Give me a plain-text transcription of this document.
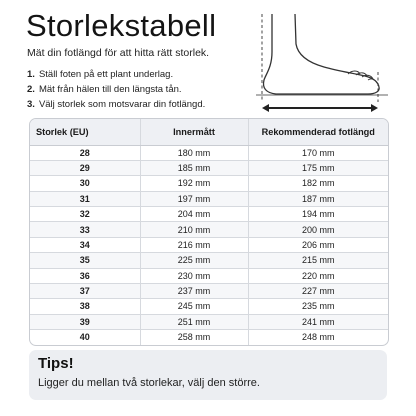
Storlekstabell
Mät din fotlängd för att hitta rätt storlek.
1. Ställ foten på ett plant underlag.
2. Mät från hälen till den längsta tån.
3. Välj storlek som motsvarar din fotlängd.
Storlek (EU)	Innermått	Rekommenderad fotlängd
28	180 mm	170 mm
29	185 mm	175 mm
30	192 mm	182 mm
31	197 mm	187 mm
32	204 mm	194 mm
33	210 mm	200 mm
34	216 mm	206 mm
35	225 mm	215 mm
36	230 mm	220 mm
37	237 mm	227 mm
38	245 mm	235 mm
39	251 mm	241 mm
40	258 mm	248 mm
Tips!
Ligger du mellan två storlekar, välj den större.
